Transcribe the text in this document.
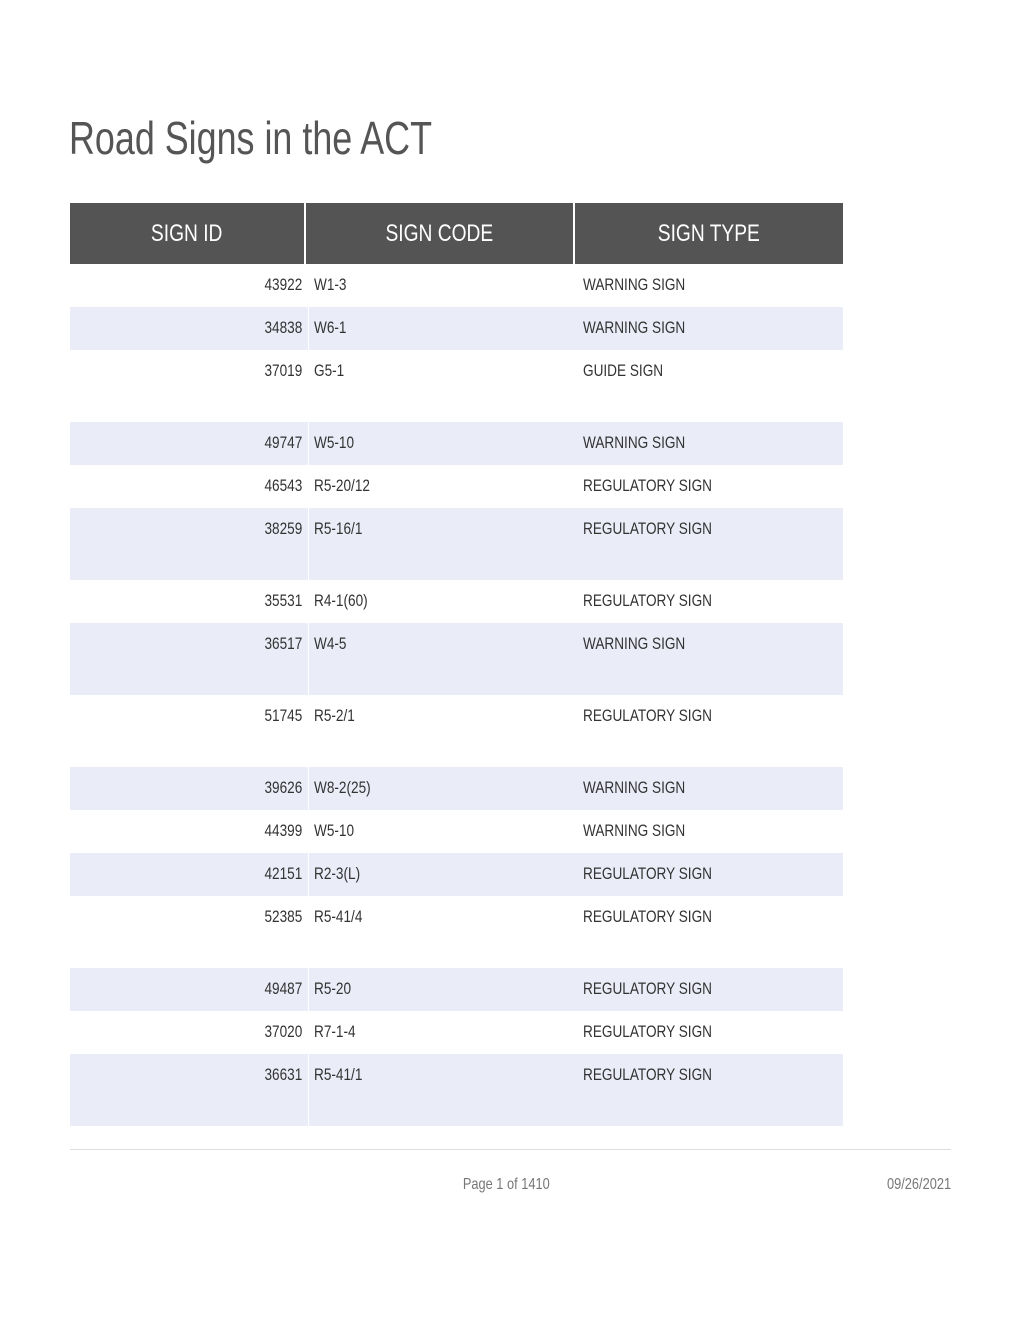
Road Signs in the ACT
SIGN ID	SIGN CODE	SIGN TYPE
43922 W1-3	WARNING SIGN
34838 W6-1	WARNING SIGN
37019 G5-1	GUIDE SIGN
49747 W5-10	WARNING SIGN
46543 R5-20/12	REGULATORY SIGN
38259 R5-16/1	REGULATORY SIGN
35531 R4-1(60)	REGULATORY SIGN
36517 W4-5	WARNING SIGN
51745 R5-2/1	REGULATORY SIGN
39626 W8-2(25)	WARNING SIGN
44399 W5-10	WARNING SIGN
42151 R2-3(L)	REGULATORY SIGN
52385 R5-41/4	REGULATORY SIGN
49487 R5-20	REGULATORY SIGN
37020 R7-1-4	REGULATORY SIGN
36631 R5-41/1	REGULATORY SIGN
Page 1 of 1410	09/26/2021
